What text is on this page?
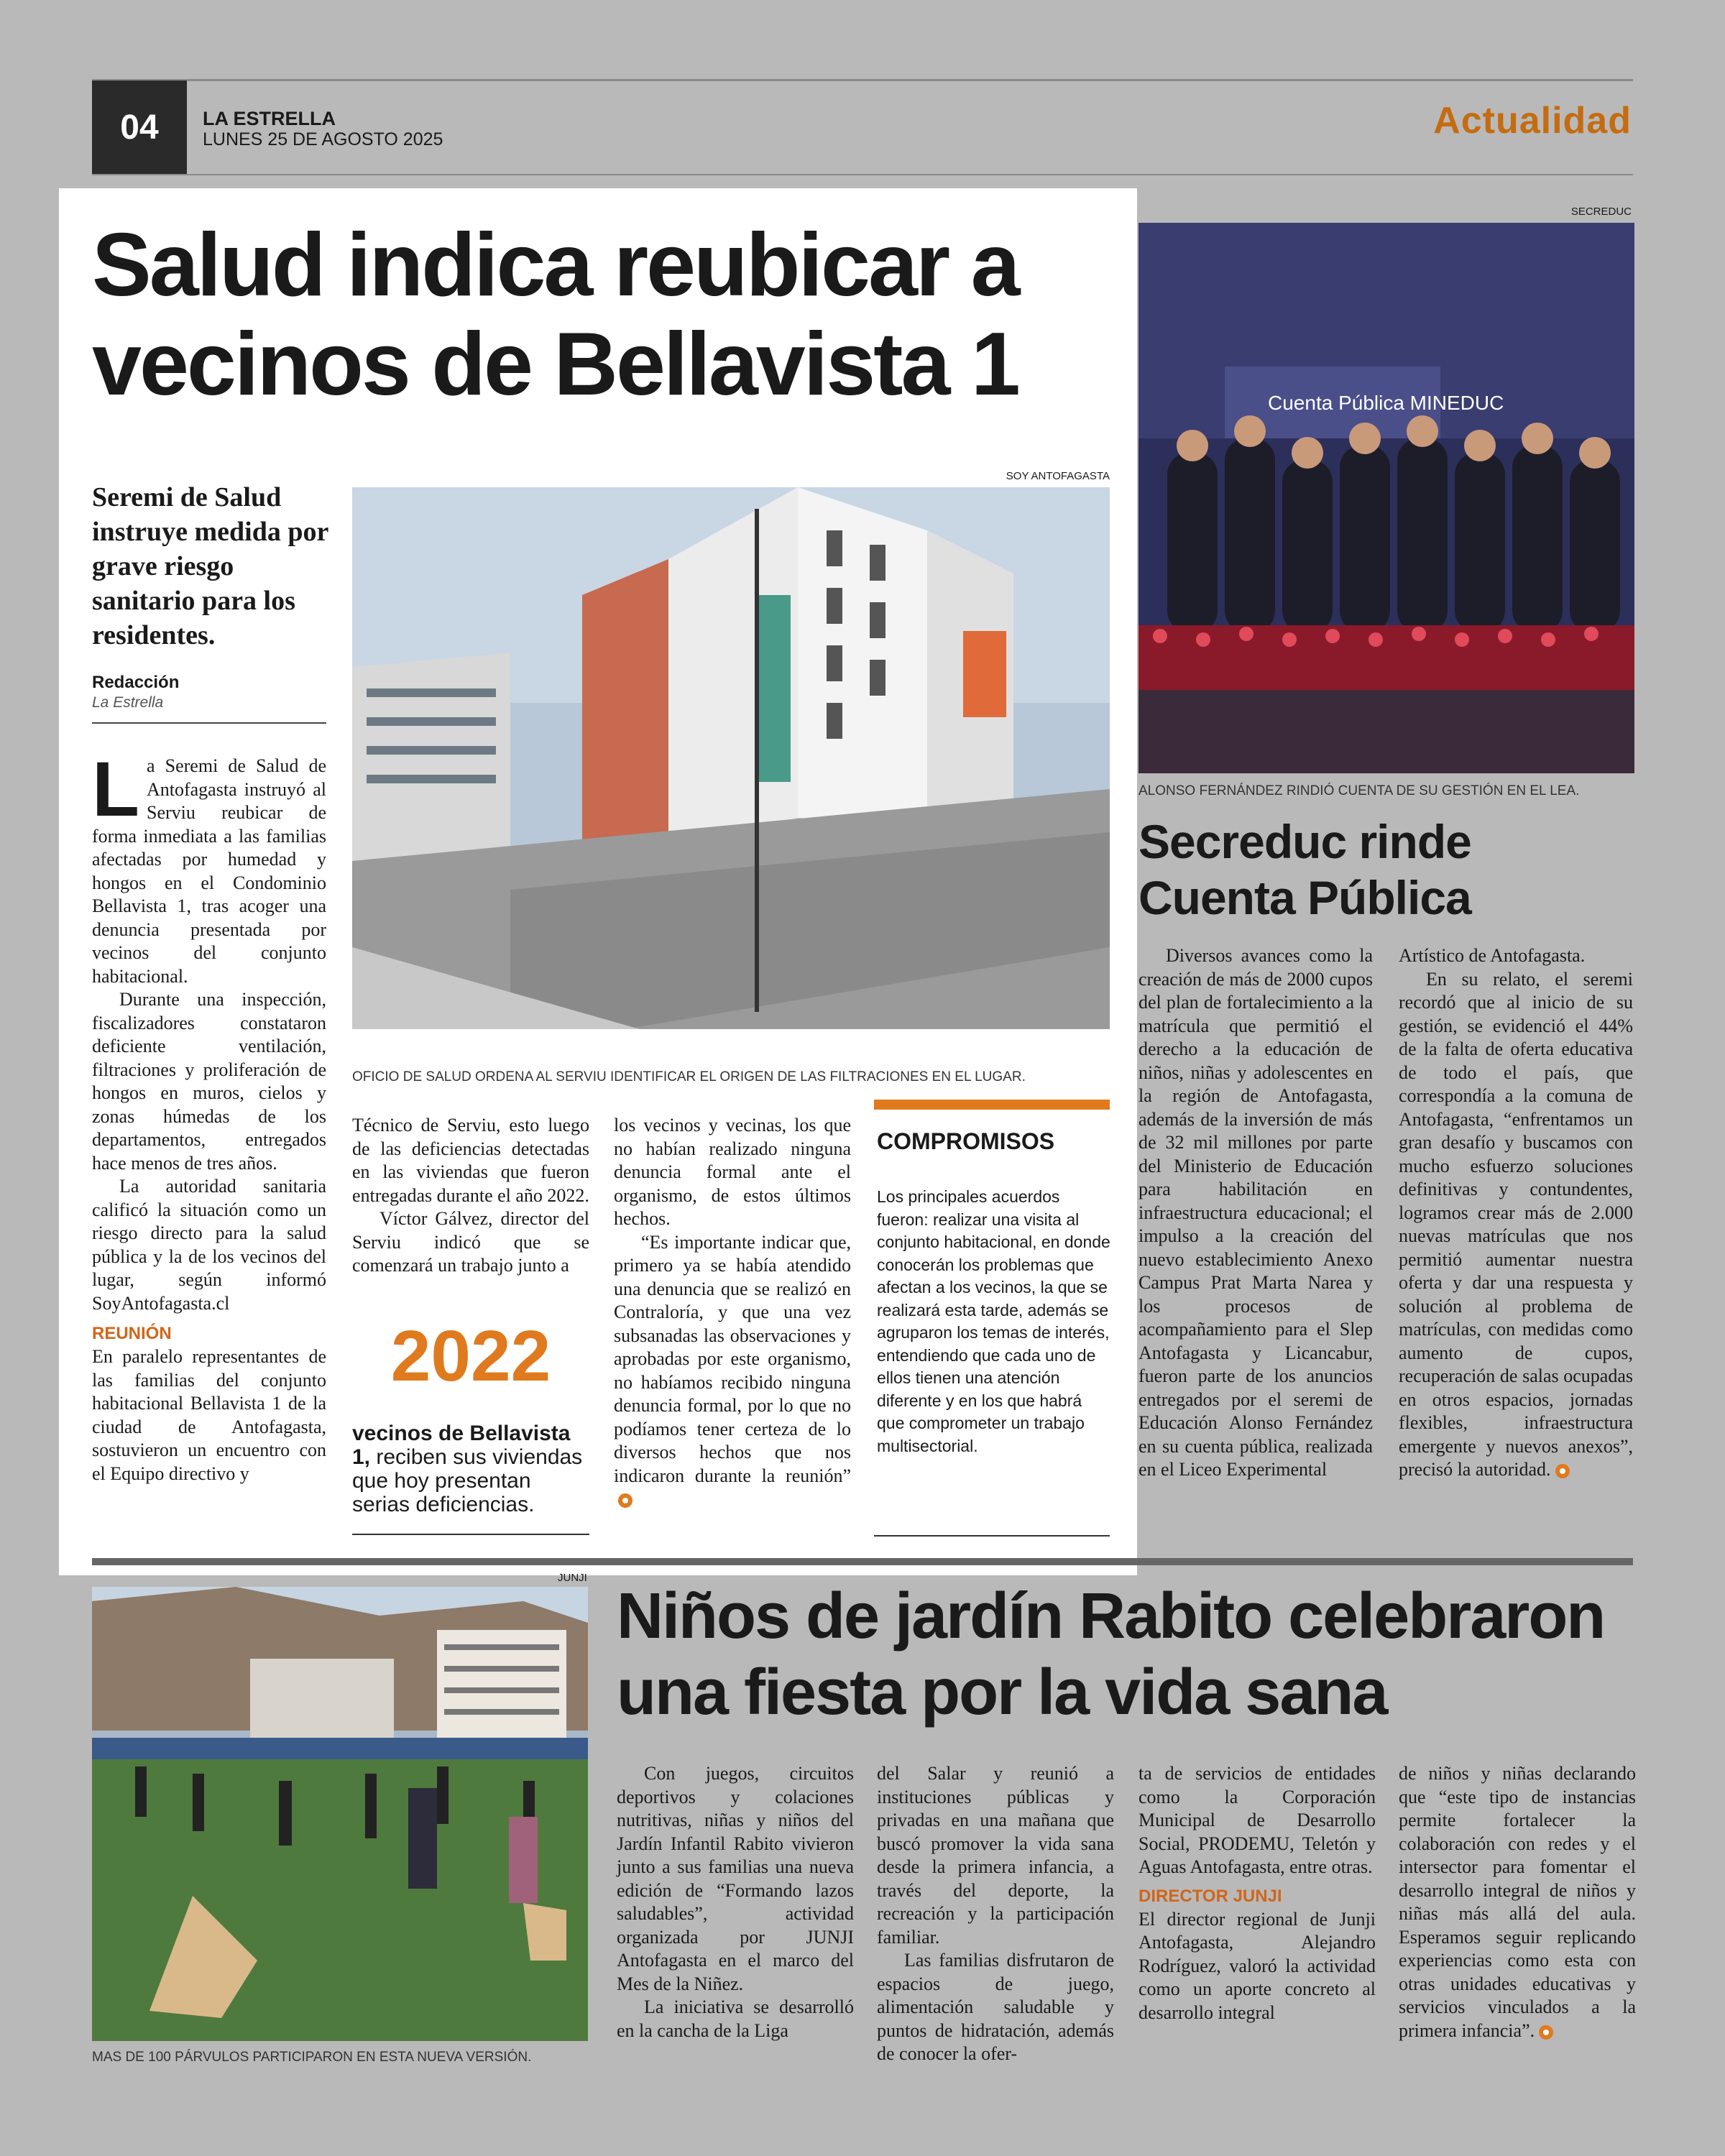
04	LA ESTRELLA
LUNES 25 DE AGOSTO 2025	Actualidad
Salud indica reubicar a vecinos de Bellavista 1
Seremi de Salud instruye medida por grave riesgo sanitario para los residentes.
Redacción
La Estrella

La Seremi de Salud de Antofagasta instruyó al Serviu reubicar de forma inmediata a las familias afectadas por humedad y hongos en el Condominio Bellavista 1, tras acoger una denuncia presentada por vecinos del conjunto habitacional.

Durante una inspección, fiscalizadores constataron deficiente ventilación, filtraciones y proliferación de hongos en muros, cielos y zonas húmedas de los departamentos, entregados hace menos de tres años.

La autoridad sanitaria calificó la situación como un riesgo directo para la salud pública y la de los vecinos del lugar, según informó SoyAntofagasta.cl

REUNIÓN

En paralelo representantes de las familias del conjunto habitacional Bellavista 1 de la ciudad de Antofagasta, sostuvieron un encuentro con el Equipo directivo y

SOY ANTOFAGASTA
OFICIO DE SALUD ORDENA AL SERVIU IDENTIFICAR EL ORIGEN DE LAS FILTRACIONES EN EL LUGAR.

Técnico de Serviu, esto luego de las deficiencias detectadas en las viviendas que fueron entregadas durante el año 2022.

Víctor Gálvez, director del Serviu indicó que se comenzará un trabajo junto a

2022
vecinos de Bellavista 1, reciben sus viviendas que hoy presentan serias deficiencias.

los vecinos y vecinas, los que no habían realizado ninguna denuncia formal ante el organismo, de estos últimos hechos.

“Es importante indicar que, primero ya se había atendido una denuncia que se realizó en Contraloría, y que una vez subsanadas las observaciones y aprobadas por este organismo, no habíamos recibido ninguna denuncia formal, por lo que no podíamos tener certeza de lo diversos hechos que nos indicaron durante la reunión”

COMPROMISOS
Los principales acuerdos fueron: realizar una visita al conjunto habitacional, en donde conocerán los problemas que afectan a los vecinos, la que se realizará esta tarde, además se agruparon los temas de interés, entendiendo que cada uno de ellos tienen una atención diferente y en los que habrá que comprometer un trabajo multisectorial.
SECREDUC
Cuenta Pública MINEDUC
ALONSO FERNÁNDEZ RINDIÓ CUENTA DE SU GESTIÓN EN EL LEA.
Secreduc rinde Cuenta Pública

Diversos avances como la creación de más de 2000 cupos del plan de fortalecimiento a la matrícula que permitió el derecho a la educación de niños, niñas y adolescentes en la región de Antofagasta, además de la inversión de más de 32 mil millones por parte del Ministerio de Educación para habilitación en infraestructura educacional; el impulso a la creación del nuevo establecimiento Anexo Campus Prat Marta Narea y los procesos de acompañamiento para el Slep Antofagasta y Licancabur, fueron parte de los anuncios entregados por el seremi de Educación Alonso Fernández en su cuenta pública, realizada en el Liceo Experimental

Artístico de Antofagasta.

En su relato, el seremi recordó que al inicio de su gestión, se evidenció el 44% de la falta de oferta educativa de todo el país, que correspondía a la comuna de Antofagasta, “enfrentamos un gran desafío y buscamos con mucho esfuerzo soluciones definitivas y contundentes, logramos crear más de 2.000 nuevas matrículas que nos permitió aumentar nuestra oferta y dar una respuesta y solución al problema de matrículas, con medidas como aumento de cupos, recuperación de salas ocupadas en otros espacios, jornadas flexibles, infraestructura emergente y nuevos anexos”, precisó la autoridad.

JUNJI
MAS DE 100 PÁRVULOS PARTICIPARON EN ESTA NUEVA VERSIÓN.
Niños de jardín Rabito celebraron una fiesta por la vida sana

Con juegos, circuitos deportivos y colaciones nutritivas, niñas y niños del Jardín Infantil Rabito vivieron junto a sus familias una nueva edición de “Formando lazos saludables”, actividad organizada por JUNJI Antofagasta en el marco del Mes de la Niñez.

La iniciativa se desarrolló en la cancha de la Liga

del Salar y reunió a instituciones públicas y privadas en una mañana que buscó promover la vida sana desde la primera infancia, a través del deporte, la recreación y la participación familiar.

Las familias disfrutaron de espacios de juego, alimentación saludable y puntos de hidratación, además de conocer la ofer-

ta de servicios de entidades como la Corporación Municipal de Desarrollo Social, PRODEMU, Teletón y Aguas Antofagasta, entre otras.

DIRECTOR JUNJI

El director regional de Junji Antofagasta, Alejandro Rodríguez, valoró la actividad como un aporte concreto al desarrollo integral

de niños y niñas declarando que “este tipo de instancias permite fortalecer la colaboración con redes y el intersector para fomentar el desarrollo integral de niños y niñas más allá del aula. Esperamos seguir replicando experiencias como esta con otras unidades educativas y servicios vinculados a la primera infancia”.
